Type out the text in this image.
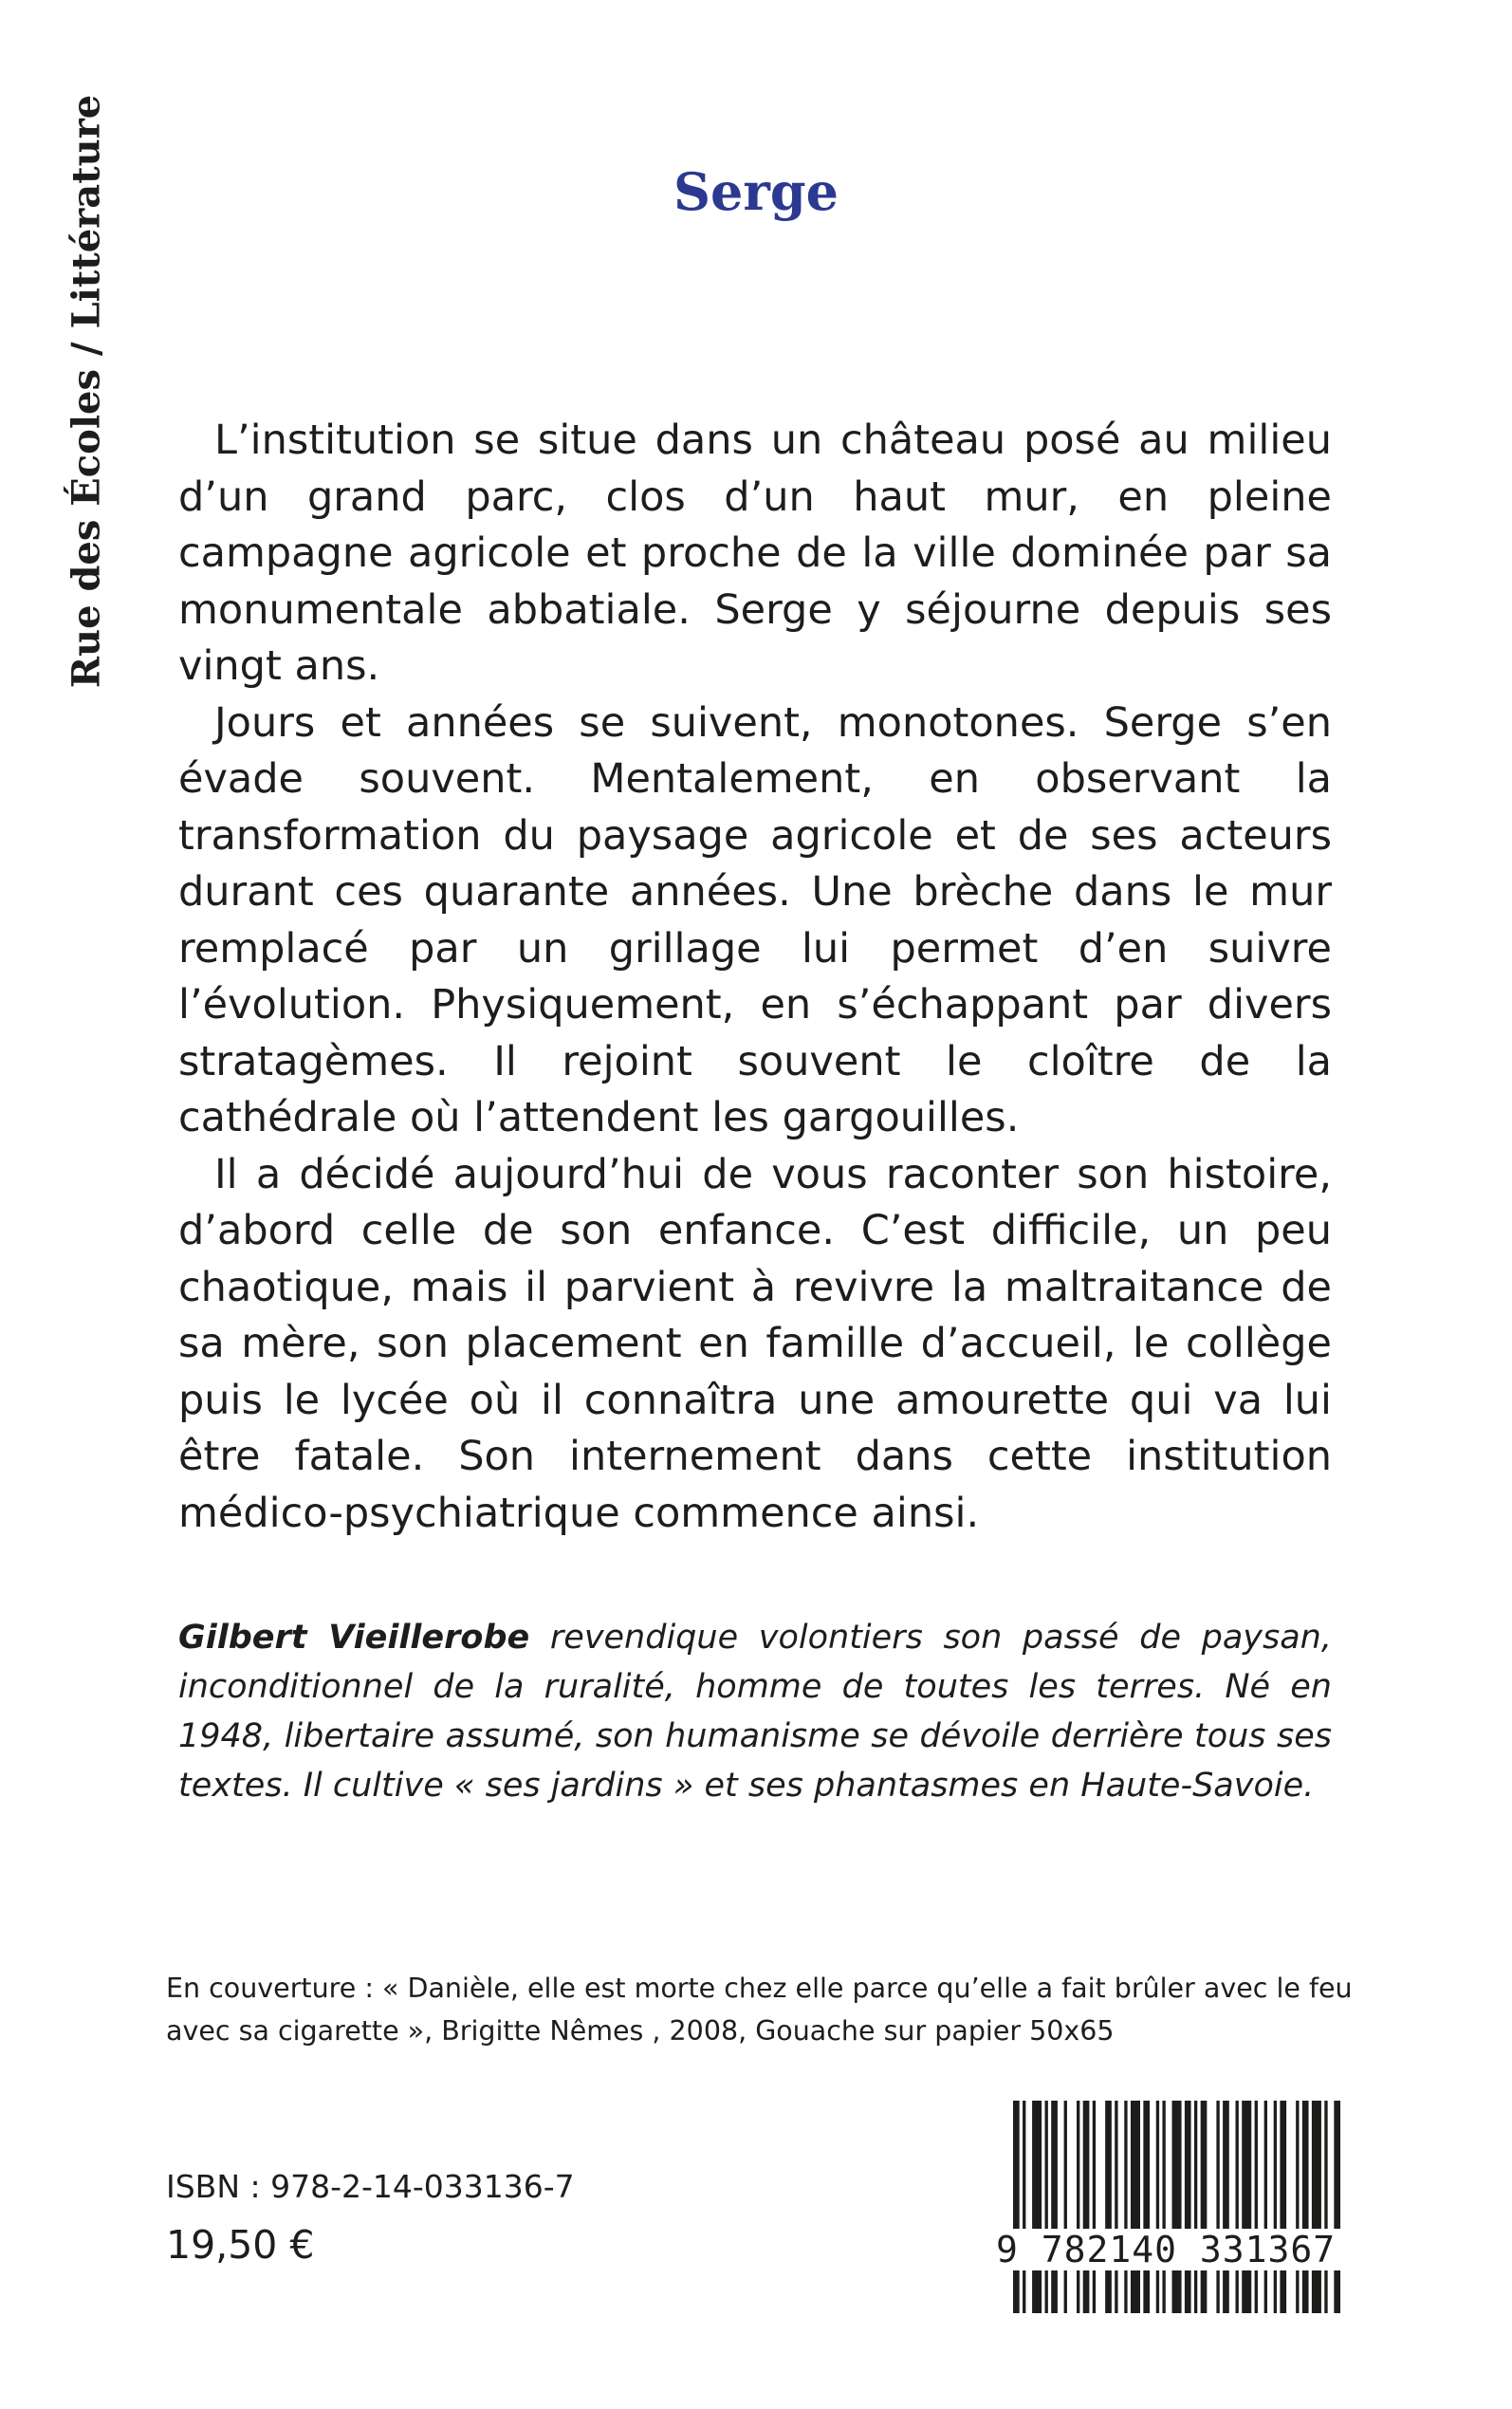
Rue des Écoles / Littérature	Serge

L’institution se situe dans un château posé au milieu d’un grand parc, clos d’un haut mur, en pleine campagne agricole et proche de la ville dominée par sa monumentale abbatiale. Serge y séjourne depuis ses vingt ans.

Jours et années se suivent, monotones. Serge s’en évade souvent. Mentalement, en observant la transformation du paysage agricole et de ses acteurs durant ces quarante années. Une brèche dans le mur remplacé par un grillage lui permet d’en suivre l’évolution. Physiquement, en s’échappant par divers stratagèmes. Il rejoint souvent le cloître de la cathédrale où l’attendent les gargouilles.

Il a décidé aujourd’hui de vous raconter son histoire, d’abord celle de son enfance. C’est difficile, un peu chaotique, mais il parvient à revivre la maltraitance de sa mère, son placement en famille d’accueil, le collège puis le lycée où il connaîtra une amourette qui va lui être fatale. Son internement dans cette institution médico-psychiatrique commence ainsi.

Gilbert Vieillerobe revendique volontiers son passé de paysan, inconditionnel de la ruralité, homme de toutes les terres. Né en 1948, libertaire assumé, son humanisme se dévoile derrière tous ses textes. Il cultive « ses jardins » et ses phantasmes en Haute-Savoie.

En couverture : « Danièle, elle est morte chez elle parce qu’elle a fait brûler avec le feu avec sa cigarette », Brigitte Nêmes , 2008, Gouache sur papier 50x65

ISBN : 978-2-14-033136-7

19,50 €	9 782140 331367
